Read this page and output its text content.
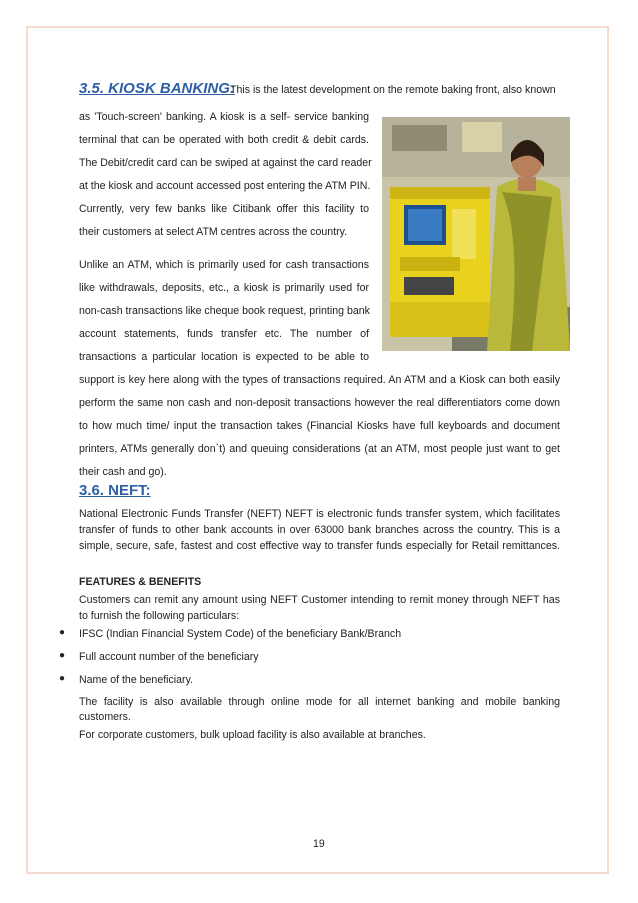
3.5. KIOSK BANKING:
This is the latest development on the remote baking front, also known
as 'Touch-screen' banking. A kiosk is a self- service banking
terminal that can be operated with both credit & debit cards.
The Debit/credit card can be swiped at against the card reader
at the kiosk and account accessed post entering the ATM PIN.
Currently, very few banks like Citibank offer this facility to
their customers at select ATM centres across the country.
Unlike an ATM, which is primarily used for cash transactions
like withdrawals, deposits, etc., a kiosk is primarily used for
non-cash transactions like cheque book request, printing bank
account statements, funds transfer etc. The number of
transactions a particular location is expected to be able to
support is key here along with the types of transactions required. An ATM and a Kiosk can both easily
perform the same non cash and non-deposit transactions however the real differentiators come down
to how much time/ input the transaction takes (Financial Kiosks have full keyboards and document
printers, ATMs generally don`t) and queuing considerations (at an ATM, most people just want to get
their cash and go).
3.6. NEFT:
National Electronic Funds Transfer (NEFT) NEFT is electronic funds transfer system, which facilitates
transfer of funds to other bank accounts in over 63000 bank branches across the country. This is a
simple, secure, safe, fastest and cost effective way to transfer funds especially for Retail remittances.
FEATURES & BENEFITS
Customers can remit any amount using NEFT Customer intending to remit money through NEFT has
to furnish the following particulars:
● IFSC (Indian Financial System Code) of the beneficiary Bank/Branch
● Full account number of the beneficiary
● Name of the beneficiary.
The facility is also available through online mode for all internet banking and mobile banking
customers.
For corporate customers, bulk upload facility is also available at branches.
19
